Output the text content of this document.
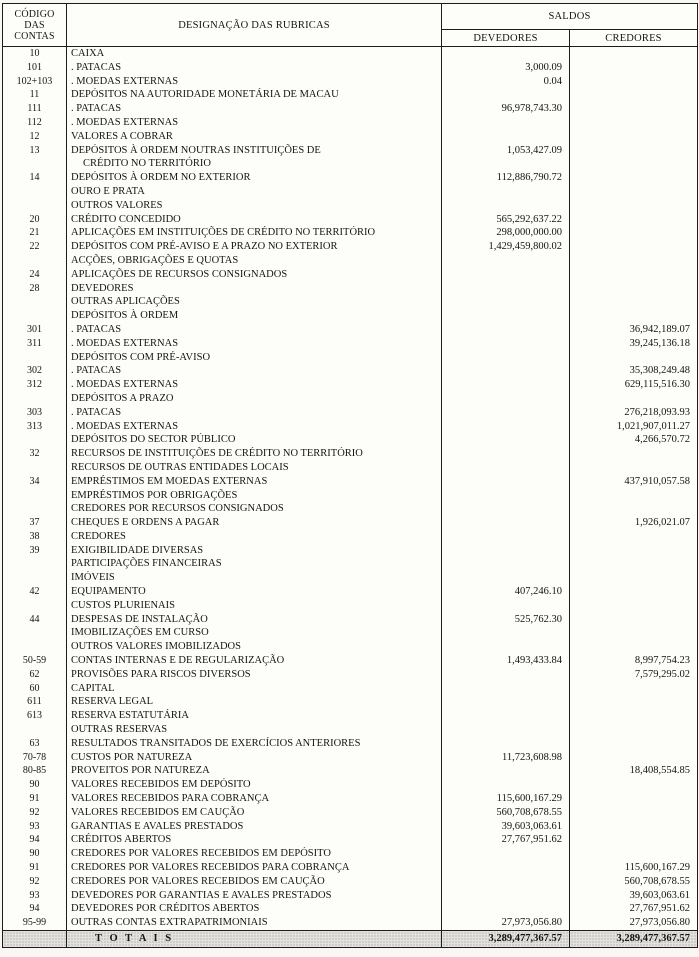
CÓDIGO
DAS
CONTAS	DESIGNAÇÃO DAS RUBRICAS	SALDOS	
		DEVEDORES	CREDORES
10	CAIXA		
101	. PATACAS	3,000.09	
102+103	. MOEDAS EXTERNAS	0.04	
11	DEPÓSITOS NA AUTORIDADE MONETÁRIA DE MACAU		
111	. PATACAS	96,978,743.30	
112	. MOEDAS EXTERNAS		
12	VALORES A COBRAR		
13	DEPÓSITOS À ORDEM NOUTRAS INSTITUIÇÕES DE
CRÉDITO NO TERRITÓRIO	1,053,427.09	
14	DEPÓSITOS À ORDEM NO EXTERIOR	112,886,790.72	
	OURO E PRATA		
	OUTROS VALORES		
20	CRÉDITO CONCEDIDO	565,292,637.22	
21	APLICAÇÕES EM INSTITUIÇÕES DE CRÉDITO NO TERRITÓRIO	298,000,000.00	
22	DEPÓSITOS COM PRÉ-AVISO E A PRAZO NO EXTERIOR	1,429,459,800.02	
	ACÇÕES, OBRIGAÇÕES E QUOTAS		
24	APLICAÇÕES DE RECURSOS CONSIGNADOS		
28	DEVEDORES		
	OUTRAS APLICAÇÕES		
	DEPÓSITOS À ORDEM		
301	. PATACAS		36,942,189.07
311	. MOEDAS EXTERNAS		39,245,136.18
	DEPÓSITOS COM PRÉ-AVISO		
302	. PATACAS		35,308,249.48
312	. MOEDAS EXTERNAS		629,115,516.30
	DEPÓSITOS A PRAZO		
303	. PATACAS		276,218,093.93
313	. MOEDAS EXTERNAS		1,021,907,011.27
	DEPÓSITOS DO SECTOR PÚBLICO		4,266,570.72
32	RECURSOS DE INSTITUIÇÕES DE CRÉDITO NO TERRITÓRIO		
	RECURSOS DE OUTRAS ENTIDADES LOCAIS		
34	EMPRÉSTIMOS EM MOEDAS EXTERNAS		437,910,057.58
	EMPRÉSTIMOS POR OBRIGAÇÕES		
	CREDORES POR RECURSOS CONSIGNADOS		
37	CHEQUES E ORDENS A PAGAR		1,926,021.07
38	CREDORES		
39	EXIGIBILIDADE DIVERSAS		
	PARTICIPAÇÕES FINANCEIRAS		
	IMÓVEIS		
42	EQUIPAMENTO	407,246.10	
	CUSTOS PLURIENAIS		
44	DESPESAS DE INSTALAÇÃO	525,762.30	
	IMOBILIZAÇÕES EM CURSO		
	OUTROS VALORES IMOBILIZADOS		
50-59	CONTAS INTERNAS E DE REGULARIZAÇÃO	1,493,433.84	8,997,754.23
62	PROVISÕES PARA RISCOS DIVERSOS		7,579,295.02
60	CAPITAL		
611	RESERVA LEGAL		
613	RESERVA ESTATUTÁRIA		
	OUTRAS RESERVAS		
63	RESULTADOS TRANSITADOS DE EXERCÍCIOS ANTERIORES		
70-78	CUSTOS POR NATUREZA	11,723,608.98	
80-85	PROVEITOS POR NATUREZA		18,408,554.85
90	VALORES RECEBIDOS EM DEPÓSITO		
91	VALORES RECEBIDOS PARA COBRANÇA	115,600,167.29	
92	VALORES RECEBIDOS EM CAUÇÃO	560,708,678.55	
93	GARANTIAS E AVALES PRESTADOS	39,603,063.61	
94	CRÉDITOS ABERTOS	27,767,951.62	
90	CREDORES POR VALORES RECEBIDOS EM DEPÓSITO		
91	CREDORES POR VALORES RECEBIDOS PARA COBRANÇA		115,600,167.29
92	CREDORES POR VALORES RECEBIDOS EM CAUÇÃO		560,708,678.55
93	DEVEDORES POR GARANTIAS E AVALES PRESTADOS		39,603,063.61
94	DEVEDORES POR CRÉDITOS ABERTOS		27,767,951.62
95-99	OUTRAS CONTAS EXTRAPATRIMONIAIS	27,973,056.80	27,973,056.80
	T O T A I S	3,289,477,367.57	3,289,477,367.57
